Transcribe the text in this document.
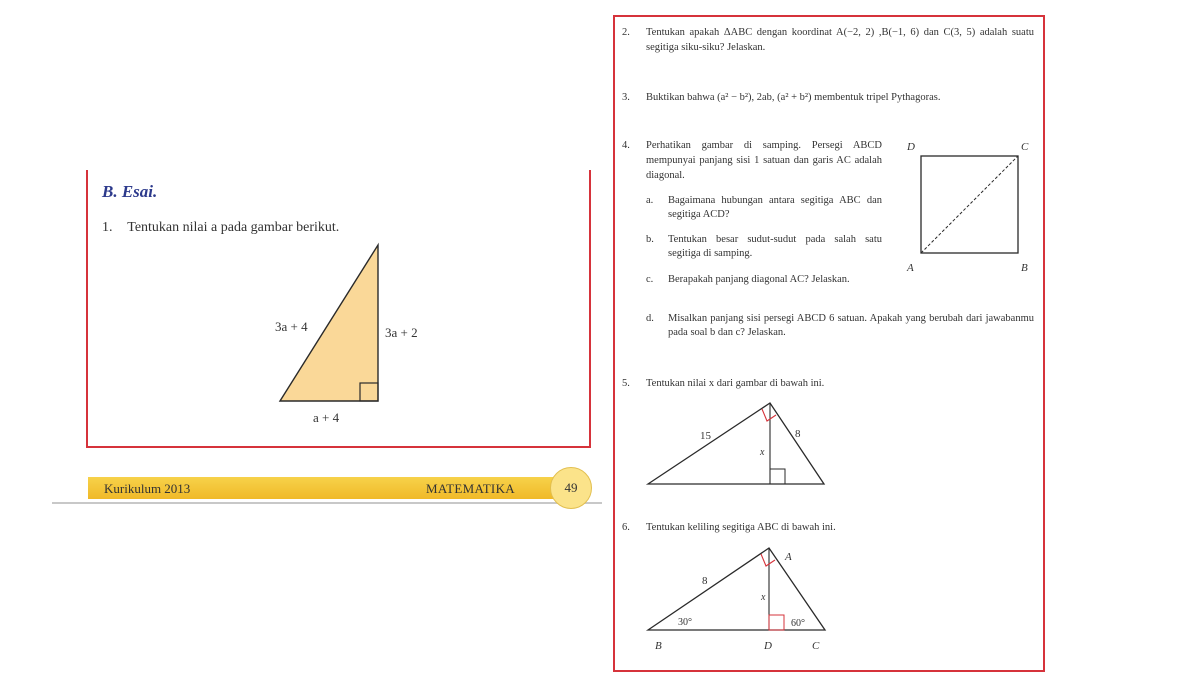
B. Esai.
1. Tentukan nilai a pada gambar berikut.
3a + 4	3a + 2
a + 4
Kurikulum 2013	MATEMATIKA	49
2. Tentukan apakah ΔABC dengan koordinat A(−2, 2) ,B(−1, 6) dan C(3, 5) adalah suatu segitiga siku-siku? Jelaskan.
3. Buktikan bahwa (a² − b²), 2ab, (a² + b²) membentuk tripel Pythagoras.
4. Perhatikan gambar di samping. Persegi ABCD mempunyai panjang sisi 1 satuan dan garis AC adalah diagonal.
a. Bagaimana hubungan antara segitiga ABC dan segitiga ACD?
b. Tentukan besar sudut-sudut pada salah satu segitiga di samping.
c. Berapakah panjang diagonal AC? Jelaskan.
d. Misalkan panjang sisi persegi ABCD 6 satuan. Apakah yang berubah dari jawabanmu pada soal b dan c? Jelaskan.
D	C
A	B
5. Tentukan nilai x dari gambar di bawah ini.
15	8
x
6. Tentukan keliling segitiga ABC di bawah ini.
A
B	D	C
8
x
30°	60°
